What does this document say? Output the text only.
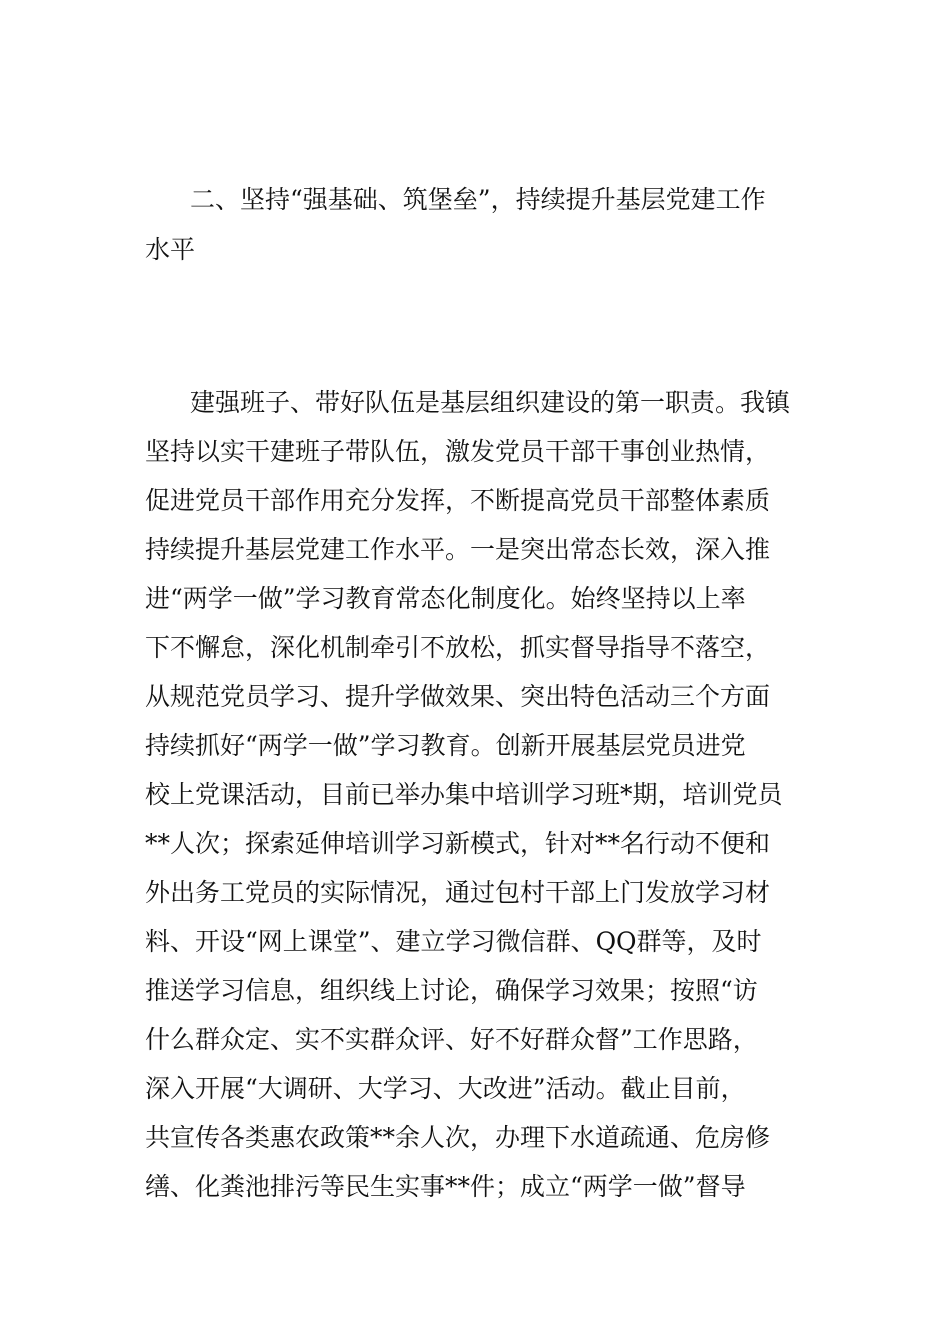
二、坚持“强基础、筑堡垒”，持续提升基层党建工作
水平
建强班子、带好队伍是基层组织建设的第一职责。我镇
坚持以实干建班子带队伍，激发党员干部干事创业热情，
促进党员干部作用充分发挥，不断提高党员干部整体素质
持续提升基层党建工作水平。一是突出常态长效，深入推
进“两学一做”学习教育常态化制度化。始终坚持以上率
下不懈怠，深化机制牵引不放松，抓实督导指导不落空，
从规范党员学习、提升学做效果、突出特色活动三个方面
持续抓好“两学一做”学习教育。创新开展基层党员进党
校上党课活动，目前已举办集中培训学习班*期，培训党员
**人次；探索延伸培训学习新模式，针对**名行动不便和
外出务工党员的实际情况，通过包村干部上门发放学习材
料、开设“网上课堂”、建立学习微信群、QQ群等，及时
推送学习信息，组织线上讨论，确保学习效果；按照“访
什么群众定、实不实群众评、好不好群众督”工作思路，
深入开展“大调研、大学习、大改进”活动。截止目前，
共宣传各类惠农政策**余人次，办理下水道疏通、危房修
缮、化粪池排污等民生实事**件；成立“两学一做”督导
